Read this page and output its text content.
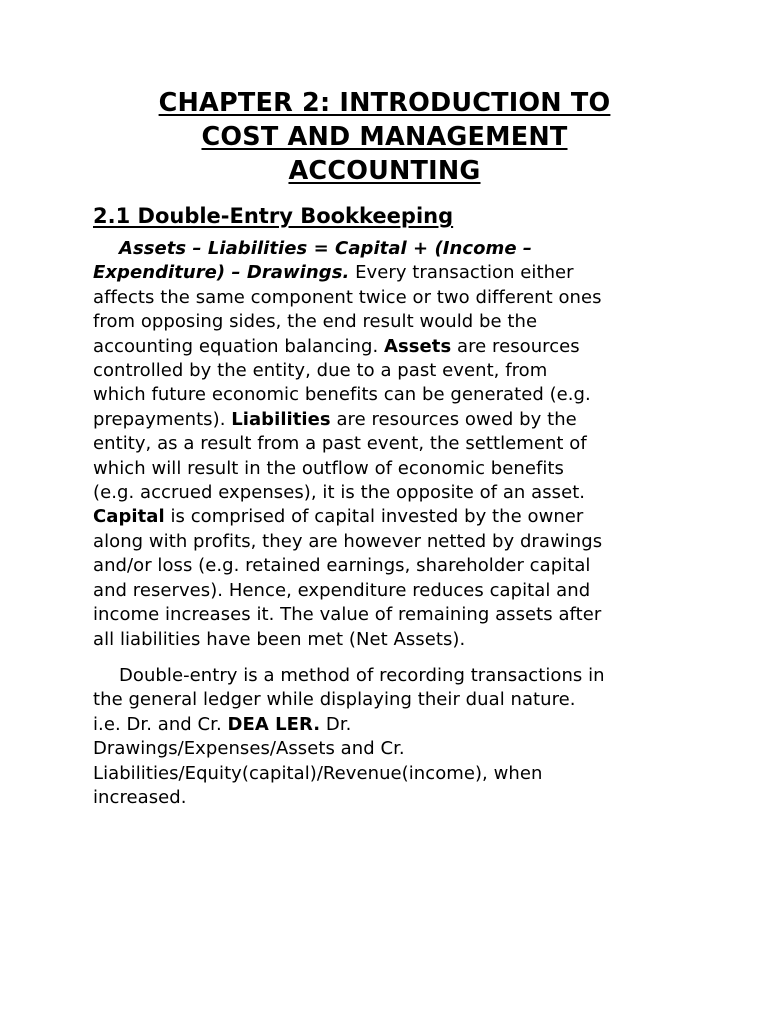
CHAPTER 2: INTRODUCTION TO
COST AND MANAGEMENT
ACCOUNTING
2.1 Double-Entry Bookkeeping

Assets – Liabilities = Capital + (Income –
Expenditure) – Drawings. Every transaction either
affects the same component twice or two different ones
from opposing sides, the end result would be the
accounting equation balancing. Assets are resources
controlled by the entity, due to a past event, from
which future economic benefits can be generated (e.g.
prepayments). Liabilities are resources owed by the
entity, as a result from a past event, the settlement of
which will result in the outflow of economic benefits
(e.g. accrued expenses), it is the opposite of an asset.
Capital is comprised of capital invested by the owner
along with profits, they are however netted by drawings
and/or loss (e.g. retained earnings, shareholder capital
and reserves). Hence, expenditure reduces capital and
income increases it. The value of remaining assets after
all liabilities have been met (Net Assets).

Double-entry is a method of recording transactions in
the general ledger while displaying their dual nature.
i.e. Dr. and Cr. DEA LER. Dr.
Drawings/Expenses/Assets and Cr.
Liabilities/Equity(capital)/Revenue(income), when
increased.
